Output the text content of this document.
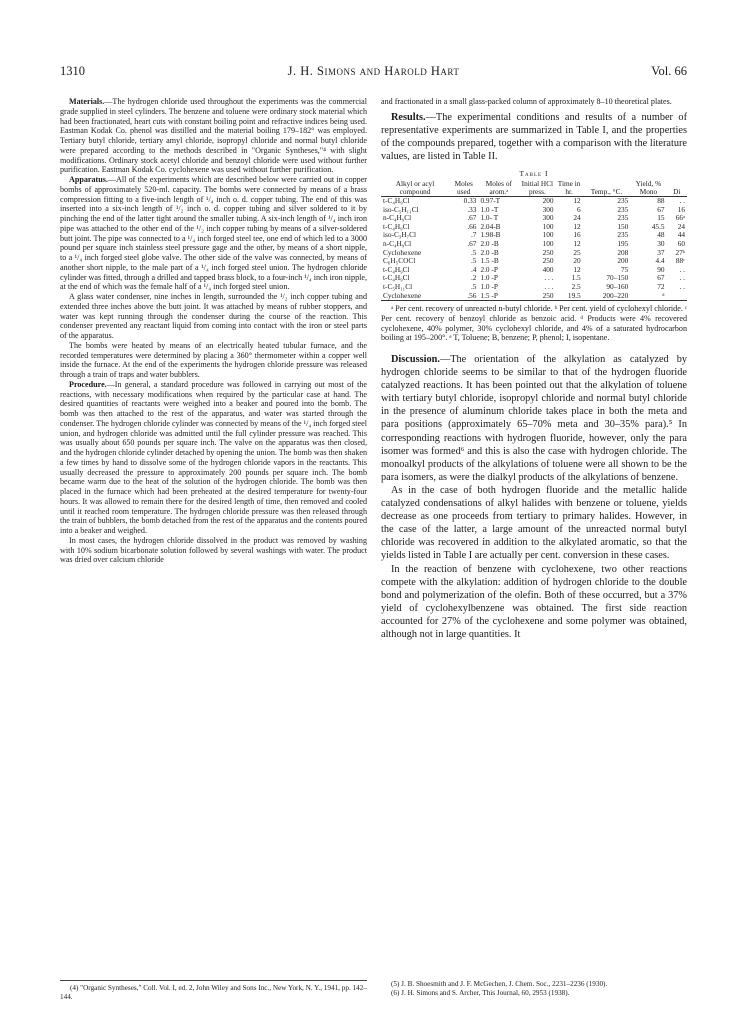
1310	J. H. Simons and Harold Hart	Vol. 66

Materials.—The hydrogen chloride used throughout the experiments was the commercial grade supplied in steel cylinders. The benzene and toluene were ordinary stock material which had been fractionated, heart cuts with constant boiling point and refractive indices being used. Eastman Kodak Co. phenol was distilled and the material boiling 179–182° was employed. Tertiary butyl chloride, tertiary amyl chloride, isopropyl chloride and normal butyl chloride were prepared according to the methods described in "Organic Syntheses,"⁴ with slight modifications. Ordinary stock acetyl chloride and benzoyl chloride were used without further purification. Eastman Kodak Co. cyclohexene was used without further purification.

Apparatus.—All of the experiments which are described below were carried out in copper bombs of approximately 520-ml. capacity. The bombs were connected by means of a brass compression fitting to a five-inch length of ¹/₄ inch o. d. copper tubing. The end of this was inserted into a six-inch length of ¹/₂ inch o. d. copper tubing and silver soldered to it by pinching the end of the latter tight around the smaller tubing. A six-inch length of ¹/₄ inch iron pipe was attached to the other end of the ¹/₂ inch copper tubing by means of a silver-soldered butt joint. The pipe was connected to a ¹/₄ inch forged steel tee, one end of which led to a 3000 pound per square inch stainless steel pressure gage and the other, by means of a short nipple, to a ¹/₄ inch forged steel globe valve. The other side of the valve was connected, by means of another short nipple, to the male part of a ¹/₄ inch forged steel union. The hydrogen chloride cylinder was fitted, through a drilled and tapped brass block, to a four-inch ¹/₄ inch iron nipple, at the end of which was the female half of a ¹/₄ inch forged steel union.

A glass water condenser, nine inches in length, surrounded the ¹/₂ inch copper tubing and extended three inches above the butt joint. It was attached by means of rubber stoppers, and water was kept running through the condenser during the course of the reaction. This condenser prevented any reactant liquid from coming into contact with the iron or steel parts of the apparatus.

The bombs were heated by means of an electrically heated tubular furnace, and the recorded temperatures were determined by placing a 360° thermometer within a copper well inside the furnace. At the end of the experiments the hydrogen chloride pressure was released through a train of traps and water bubblers.

Procedure.—In general, a standard procedure was followed in carrying out most of the reactions, with necessary modifications when required by the particular case at hand. The desired quantities of reactants were weighed into a beaker and poured into the bomb. The bomb was then attached to the rest of the apparatus, and water was started through the condenser. The hydrogen chloride cylinder was connected by means of the ¹/₄ inch forged steel union, and hydrogen chloride was admitted until the full cylinder pressure was reached. This was usually about 650 pounds per square inch. The valve on the apparatus was then closed, and the hydrogen chloride cylinder detached by opening the union. The bomb was then shaken a few times by hand to dissolve some of the hydrogen chloride vapors in the reactants. This usually decreased the pressure to approximately 200 pounds per square inch. The bomb became warm due to the heat of the solution of the hydrogen chloride. The bomb was then placed in the furnace which had been preheated at the desired temperature for twenty-four hours. It was allowed to remain there for the desired length of time, then removed and cooled until it reached room temperature. The hydrogen chloride pressure was then released through the train of bubblers, the bomb detached from the rest of the apparatus and the contents poured into a beaker and weighed.

In most cases, the hydrogen chloride dissolved in the product was removed by washing with 10% sodium bicarbonate solution followed by several washings with water. The product was dried over calcium chloride

and fractionated in a small glass-packed column of approximately 8–10 theoretical plates.

Results.—The experimental conditions and results of a number of representative experiments are summarized in Table I, and the properties of the compounds prepared, together with a comparison with the literature values, are listed in Table II.

Table I
Alkyl or acyl compound	Moles used	Moles of arom.ᵃ	Initial HCl press.	Time in hr.	Temp., °C.	Yield, % Mono	Di
t-C₄H₉Cl	0.33	0.97-T	200	12	235	88	. .
iso-C₅H₁₁Cl	.33	1.0 -T	300	6	235	67	16
n-C₄H₉Cl	.67	1.0- T	300	24	235	15	66ᵃ
t-C₄H₉Cl	.66	2.04-B	100	12	150	45.5	24
iso-C₃H₇Cl	.7	1.98-B	100	16	235	48	44
n-C₄H₉Cl	.67	2.0 -B	100	12	195	30	60
Cyclohexene	.5	2.0 -B	250	25	208	37	27ᵇ
C₆H₅COCl	.5	1.5 -B	250	20	200	4.4	88ᶜ
t-C₄H₉Cl	.4	2.0 -P	400	12	75	90	. .
t-C₄H₉Cl	.2	1.0 -P	. . .	1.5	70–150	67	. .
t-C₅H₁₁Cl	.5	1.0 -P	. . .	2.5	90–160	72	. .
Cyclohexene	.56	1.5 -P	250	19.5	200–220	ᵈ	

ᵃ Per cent. recovery of unreacted n-butyl chloride. ᵇ Per cent. yield of cyclohexyl chloride. ᶜ Per cent. recovery of benzoyl chloride as benzoic acid. ᵈ Products were 4% recovered cyclohexene, 40% polymer, 30% cyclohexyl chloride, and 4% of a saturated hydrocarbon boiling at 195–200°. ᵉ T, Toluene; B, benzene; P, phenol; I, isopentane.

Discussion.—The orientation of the alkylation as catalyzed by hydrogen chloride seems to be similar to that of the hydrogen fluoride catalyzed reactions. It has been pointed out that the alkylation of toluene with tertiary butyl chloride, isopropyl chloride and normal butyl chloride in the presence of aluminum chloride takes place in both the meta and para positions (approximately 65–70% meta and 30–35% para).⁵ In corresponding reactions with hydrogen fluoride, however, only the para isomer was formed⁶ and this is also the case with hydrogen chloride. The monoalkyl products of the alkylations of toluene were all shown to be the para isomers, as were the dialkyl products of the alkylations of benzene.

As in the case of both hydrogen fluoride and the metallic halide catalyzed condensations of alkyl halides with benzene or toluene, yields decrease as one proceeds from tertiary to primary halides. However, in the case of the latter, a large amount of the unreacted normal butyl chloride was recovered in addition to the alkylated aromatic, so that the yields listed in Table I are actually per cent. conversion in these cases.

In the reaction of benzene with cyclohexene, two other reactions compete with the alkylation: addition of hydrogen chloride to the double bond and polymerization of the olefin. Both of these occurred, but a 37% yield of cyclohexylbenzene was obtained. The first side reaction accounted for 27% of the cyclohexene and some polymer was obtained, although not in large quantities. It

(4) "Organic Syntheses," Coll. Vol. I, ed. 2, John Wiley and Sons Inc., New York, N. Y., 1941, pp. 142–144.

(5) J. B. Shoesmith and J. F. McGechen, J. Chem. Soc., 2231–2236 (1930).

(6) J. H. Simons and S. Archer, This Journal, 60, 2953 (1938).
